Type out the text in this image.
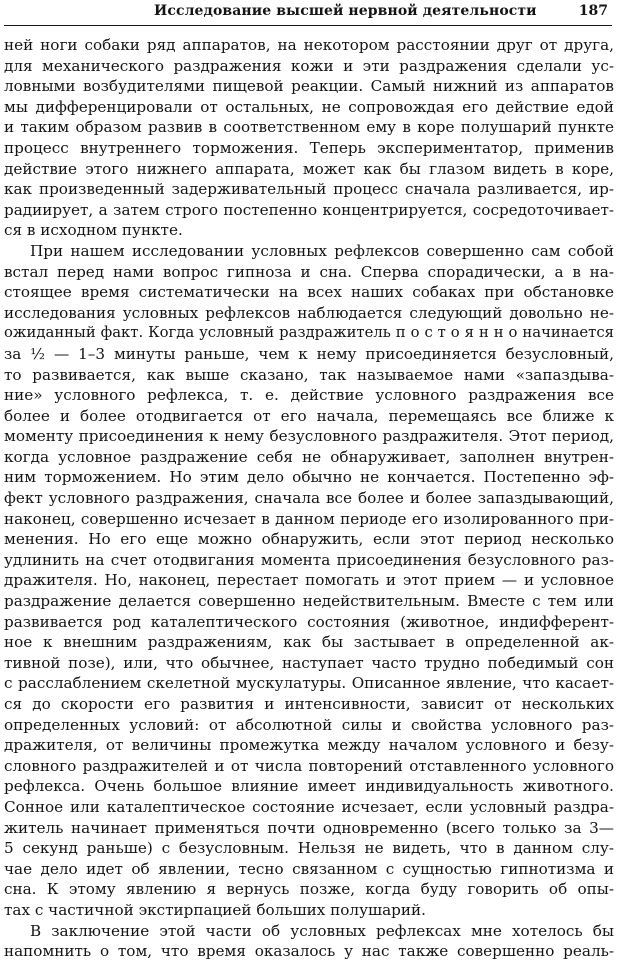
Исследование высшей нервной деятельности	187
ней ноги собаки ряд аппаратов, на некотором расстоянии друг от друга,
для механического раздражения кожи и эти раздражения сделали ус-
ловными возбудителями пищевой реакции. Самый нижний из аппаратов
мы дифференцировали от остальных, не сопровождая его действие едой
и таким образом развив в соответственном ему в коре полушарий пункте
процесс внутреннего торможения. Теперь экспериментатор, применив
действие этого нижнего аппарата, может как бы глазом видеть в коре,
как произведенный задерживательный процесс сначала разливается, ир-
радиирует, а затем строго постепенно концентрируется, сосредоточивает-
ся в исходном пункте.
При нашем исследовании условных рефлексов совершенно сам собой
встал перед нами вопрос гипноза и сна. Сперва спорадически, а в на-
стоящее время систематически на всех наших собаках при обстановке
исследования условных рефлексов наблюдается следующий довольно не-
ожиданный факт. Когда условный раздражитель п о с т о я н н о начинается
за ½ — 1–3 минуты раньше, чем к нему присоединяется безусловный,
то развивается, как выше сказано, так называемое нами «запаздыва-
ние» условного рефлекса, т. е. действие условного раздражения все
более и более отодвигается от его начала, перемещаясь все ближе к
моменту присоединения к нему безусловного раздражителя. Этот период,
когда условное раздражение себя не обнаруживает, заполнен внутрен-
ним торможением. Но этим дело обычно не кончается. Постепенно эф-
фект условного раздражения, сначала все более и более запаздывающий,
наконец, совершенно исчезает в данном периоде его изолированного при-
менения. Но его еще можно обнаружить, если этот период несколько
удлинить на счет отодвигания момента присоединения безусловного раз-
дражителя. Но, наконец, перестает помогать и этот прием — и условное
раздражение делается совершенно недействительным. Вместе с тем или
развивается род каталептического состояния (животное, индифферент-
ное к внешним раздражениям, как бы застывает в определенной ак-
тивной позе), или, что обычнее, наступает часто трудно победимый сон
с расслаблением скелетной мускулатуры. Описанное явление, что касает-
ся до скорости его развития и интенсивности, зависит от нескольких
определенных условий: от абсолютной силы и свойства условного раз-
дражителя, от величины промежутка между началом условного и безу-
словного раздражителей и от числа повторений отставленного условного
рефлекса. Очень большое влияние имеет индивидуальность животного.
Сонное или каталептическое состояние исчезает, если условный раздра-
житель начинает применяться почти одновременно (всего только за 3—
5 секунд раньше) с безусловным. Нельзя не видеть, что в данном слу-
чае дело идет об явлении, тесно связанном с сущностью гипнотизма и
сна. К этому явлению я вернусь позже, когда буду говорить об опы-
тах с частичной экстирпацией больших полушарий.
В заключение этой части об условных рефлексах мне хотелось бы
напомнить о том, что время оказалось у нас также совершенно реаль-
